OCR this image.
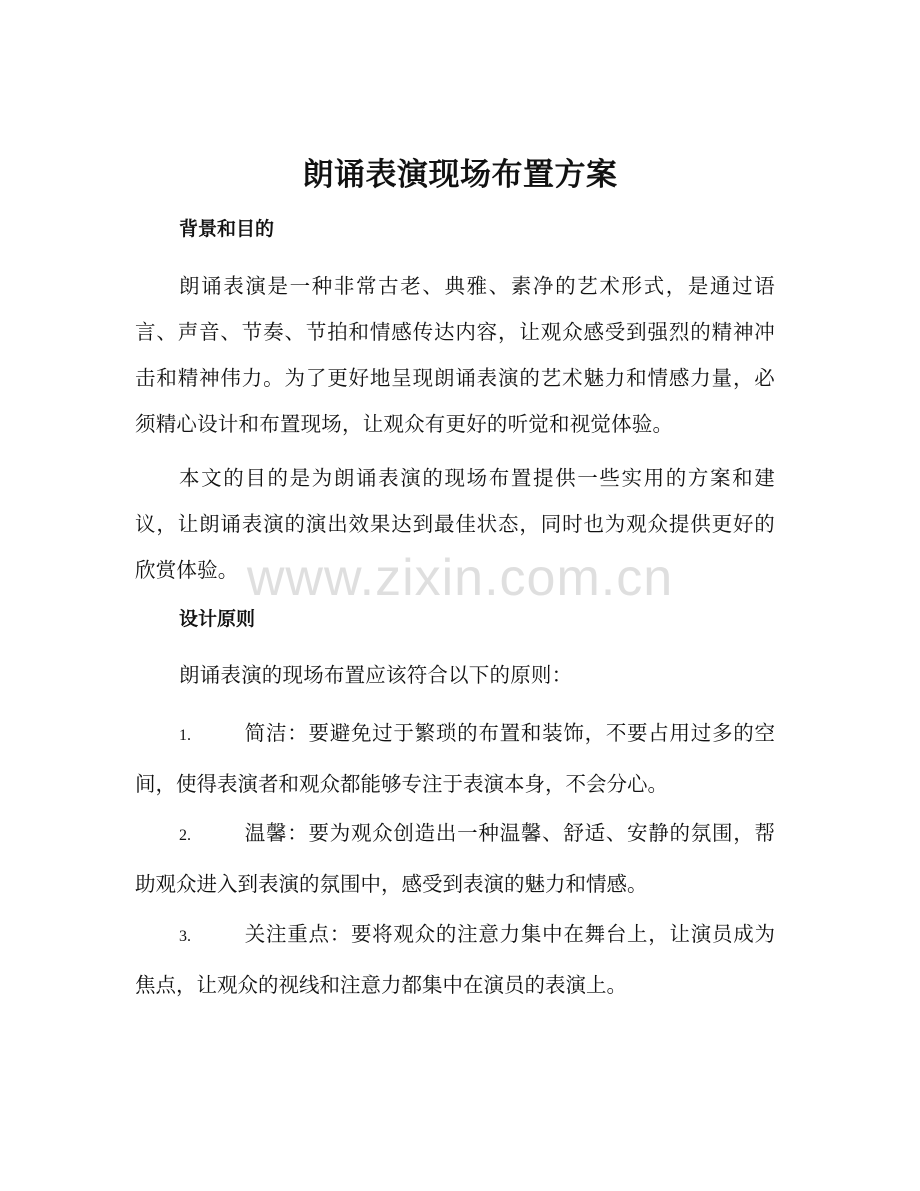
朗诵表演现场布置方案
背景和目的
朗诵表演是一种非常古老、典雅、素净的艺术形式，是通过语言、声音、节奏、节拍和情感传达内容，让观众感受到强烈的精神冲击和精神伟力。为了更好地呈现朗诵表演的艺术魅力和情感力量，必须精心设计和布置现场，让观众有更好的听觉和视觉体验。
本文的目的是为朗诵表演的现场布置提供一些实用的方案和建议，让朗诵表演的演出效果达到最佳状态，同时也为观众提供更好的欣赏体验。
设计原则
朗诵表演的现场布置应该符合以下的原则：
1.	简洁：要避免过于繁琐的布置和装饰，不要占用过多的空间，使得表演者和观众都能够专注于表演本身，不会分心。
2.	温馨：要为观众创造出一种温馨、舒适、安静的氛围，帮助观众进入到表演的氛围中，感受到表演的魅力和情感。
3.	关注重点：要将观众的注意力集中在舞台上，让演员成为焦点，让观众的视线和注意力都集中在演员的表演上。
www.zixin.com.cn
